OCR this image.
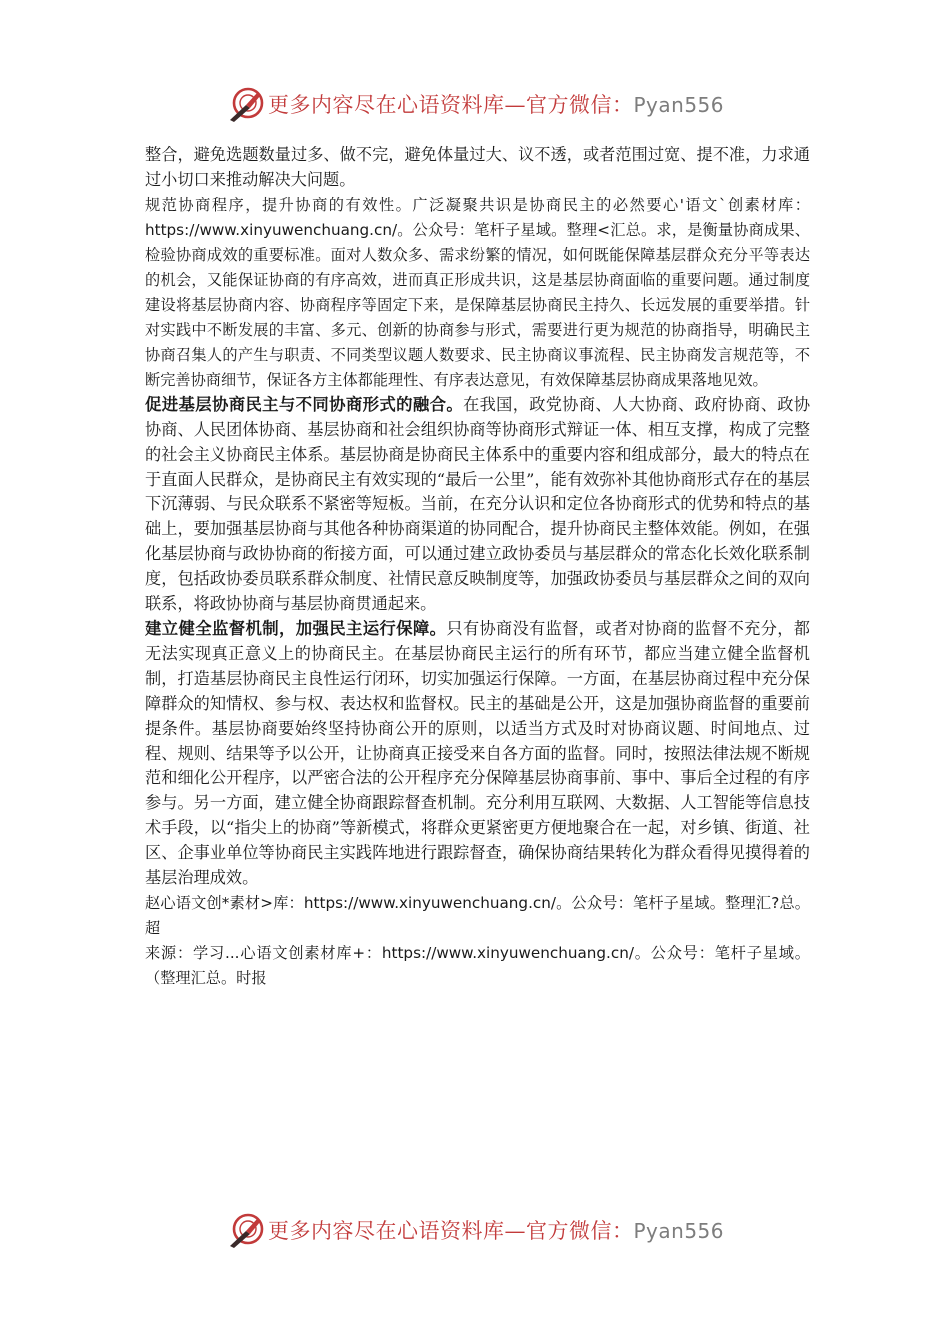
更多内容尽在心语资料库—官方微信：Pyan556

整合，避免选题数量过多、做不完，避免体量过大、议不透，或者范围过宽、提不准，力求通过小切口来推动解决大问题。

规范协商程序，提升协商的有效性。广泛凝聚共识是协商民主的必然要心'语文`创素材库：https://www.xinyuwenchuang.cn/。公众号：笔杆子星域。整理<汇总。求，是衡量协商成果、检验协商成效的重要标准。面对人数众多、需求纷繁的情况，如何既能保障基层群众充分平等表达的机会，又能保证协商的有序高效，进而真正形成共识，这是基层协商面临的重要问题。通过制度建设将基层协商内容、协商程序等固定下来，是保障基层协商民主持久、长远发展的重要举措。针对实践中不断发展的丰富、多元、创新的协商参与形式，需要进行更为规范的协商指导，明确民主协商召集人的产生与职责、不同类型议题人数要求、民主协商议事流程、民主协商发言规范等，不断完善协商细节，保证各方主体都能理性、有序表达意见，有效保障基层协商成果落地见效。

促进基层协商民主与不同协商形式的融合。在我国，政党协商、人大协商、政府协商、政协协商、人民团体协商、基层协商和社会组织协商等协商形式辩证一体、相互支撑，构成了完整的社会主义协商民主体系。基层协商是协商民主体系中的重要内容和组成部分，最大的特点在于直面人民群众，是协商民主有效实现的“最后一公里”，能有效弥补其他协商形式存在的基层下沉薄弱、与民众联系不紧密等短板。当前，在充分认识和定位各协商形式的优势和特点的基础上，要加强基层协商与其他各种协商渠道的协同配合，提升协商民主整体效能。例如，在强化基层协商与政协协商的衔接方面，可以通过建立政协委员与基层群众的常态化长效化联系制度，包括政协委员联系群众制度、社情民意反映制度等，加强政协委员与基层群众之间的双向联系，将政协协商与基层协商贯通起来。

建立健全监督机制，加强民主运行保障。只有协商没有监督，或者对协商的监督不充分，都无法实现真正意义上的协商民主。在基层协商民主运行的所有环节，都应当建立健全监督机制，打造基层协商民主良性运行闭环，切实加强运行保障。一方面，在基层协商过程中充分保障群众的知情权、参与权、表达权和监督权。民主的基础是公开，这是加强协商监督的重要前提条件。基层协商要始终坚持协商公开的原则，以适当方式及时对协商议题、时间地点、过程、规则、结果等予以公开，让协商真正接受来自各方面的监督。同时，按照法律法规不断规范和细化公开程序，以严密合法的公开程序充分保障基层协商事前、事中、事后全过程的有序参与。另一方面，建立健全协商跟踪督查机制。充分利用互联网、大数据、人工智能等信息技术手段，以“指尖上的协商”等新模式，将群众更紧密更方便地聚合在一起，对乡镇、街道、社区、企事业单位等协商民主实践阵地进行跟踪督查，确保协商结果转化为群众看得见摸得着的基层治理成效。

赵心语文创*素材>库：https://www.xinyuwenchuang.cn/。公众号：笔杆子星域。整理汇?总。超

来源：学习...心语文创素材库+：https://www.xinyuwenchuang.cn/。公众号：笔杆子星域。（整理汇总。时报

更多内容尽在心语资料库—官方微信：Pyan556
